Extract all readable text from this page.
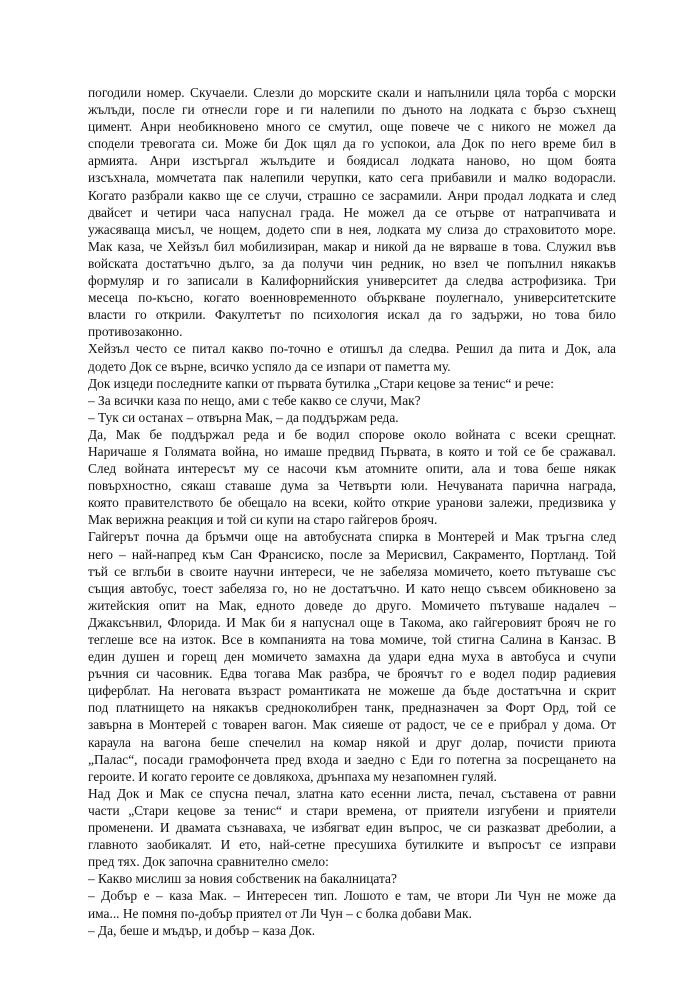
погодили номер. Скучаели. Слезли до морските скали и напълнили цяла торба с морски
жълъди, после ги отнесли горе и ги налепили по дъното на лодката с бързо съхнещ
цимент. Анри необикновено много се смутил, още повече че с никого не можел да
сподели тревогата си. Може би Док щял да го успокои, ала Док по него време бил в
армията. Анри изстъргал жълъдите и боядисал лодката наново, но щом боята
изсъхнала, момчетата пак налепили черупки, като сега прибавили и малко водорасли.
Когато разбрали какво ще се случи, страшно се засрамили. Анри продал лодката и след
двайсет и четири часа напуснал града. Не можел да се отърве от натрапчивата и
ужасяваща мисъл, че нощем, додето спи в нея, лодката му слиза до страховитото море.
Мак каза, че Хейзъл бил мобилизиран, макар и никой да не вярваше в това. Служил във
войската достатъчно дълго, за да получи чин редник, но взел че попълнил някакъв
формуляр и го записали в Калифорнийския университет да следва астрофизика. Три
месеца по-късно, когато военновременното объркване поулегнало, университетските
власти го открили. Факултетът по психология искал да го задържи, но това било
противозаконно.

Хейзъл често се питал какво по-точно е отишъл да следва. Решил да пита и Док, ала
додето Док се върне, всичко успяло да се изпари от паметта му.

Док изцеди последните капки от първата бутилка „Стари кецове за тенис“ и рече:

– За всички каза по нещо, ами с тебе какво се случи, Мак?

– Тук си останах – отвърна Мак, – да поддържам реда.

Да, Мак бе поддържал реда и бе водил спорове около войната с всеки срещнат.
Наричаше я Голямата война, но имаше предвид Първата, в която и той се бе сражавал.
След войната интересът му се насочи към атомните опити, ала и това беше някак
повърхностно, сякаш ставаше дума за Четвърти юли. Нечуваната парична награда,
която правителството бе обещало на всеки, който открие уранови залежи, предизвика у
Мак верижна реакция и той си купи на старо гайгеров брояч.

Гайгерът почна да бръмчи още на автобусната спирка в Монтерей и Мак тръгна след
него – най-напред към Сан Франсиско, после за Мерисвил, Сакраменто, Портланд. Той
тъй се вглъби в своите научни интереси, че не забеляза момичето, което пътуваше със
същия автобус, тоест забеляза го, но не достатъчно. И като нещо съвсем обикновено за
житейския опит на Мак, едното доведе до друго. Момичето пътуваше надалеч –
Джаксънвил, Флорида. И Мак би я напуснал още в Такома, ако гайгеровият брояч не го
теглеше все на изток. Все в компанията на това момиче, той стигна Салина в Канзас. В
един душен и горещ ден момичето замахна да удари една муха в автобуса и счупи
ръчния си часовник. Едва тогава Мак разбра, че броячът го е водел подир радиевия
циферблат. На неговата възраст романтиката не можеше да бъде достатъчна и скрит
под платнището на някакъв средноколибрен танк, предназначен за Форт Орд, той се
завърна в Монтерей с товарен вагон. Мак сияеше от радост, че се е прибрал у дома. От
караула на вагона беше спечелил на комар някой и друг долар, почисти приюта
„Палас“, посади грамофончета пред входа и заедно с Еди го потегна за посрещането на
героите. И когато героите се довлякоха, дрънпаха му незапомнен гуляй.

Над Док и Мак се спусна печал, златна като есенни листа, печал, съставена от равни
части „Стари кецове за тенис“ и стари времена, от приятели изгубени и приятели
променени. И двамата съзнаваха, че избягват един въпрос, че си разказват дреболии, а
главното заобикалят. И ето, най-сетне пресушиха бутилките и въпросът се изправи
пред тях. Док започна сравнително смело:

– Какво мислиш за новия собственик на бакалницата?

– Добър е – каза Мак. – Интересен тип. Лошото е там, че втори Ли Чун не може да
има... Не помня по-добър приятел от Ли Чун – с болка добави Мак.

– Да, беше и мъдър, и добър – каза Док.
